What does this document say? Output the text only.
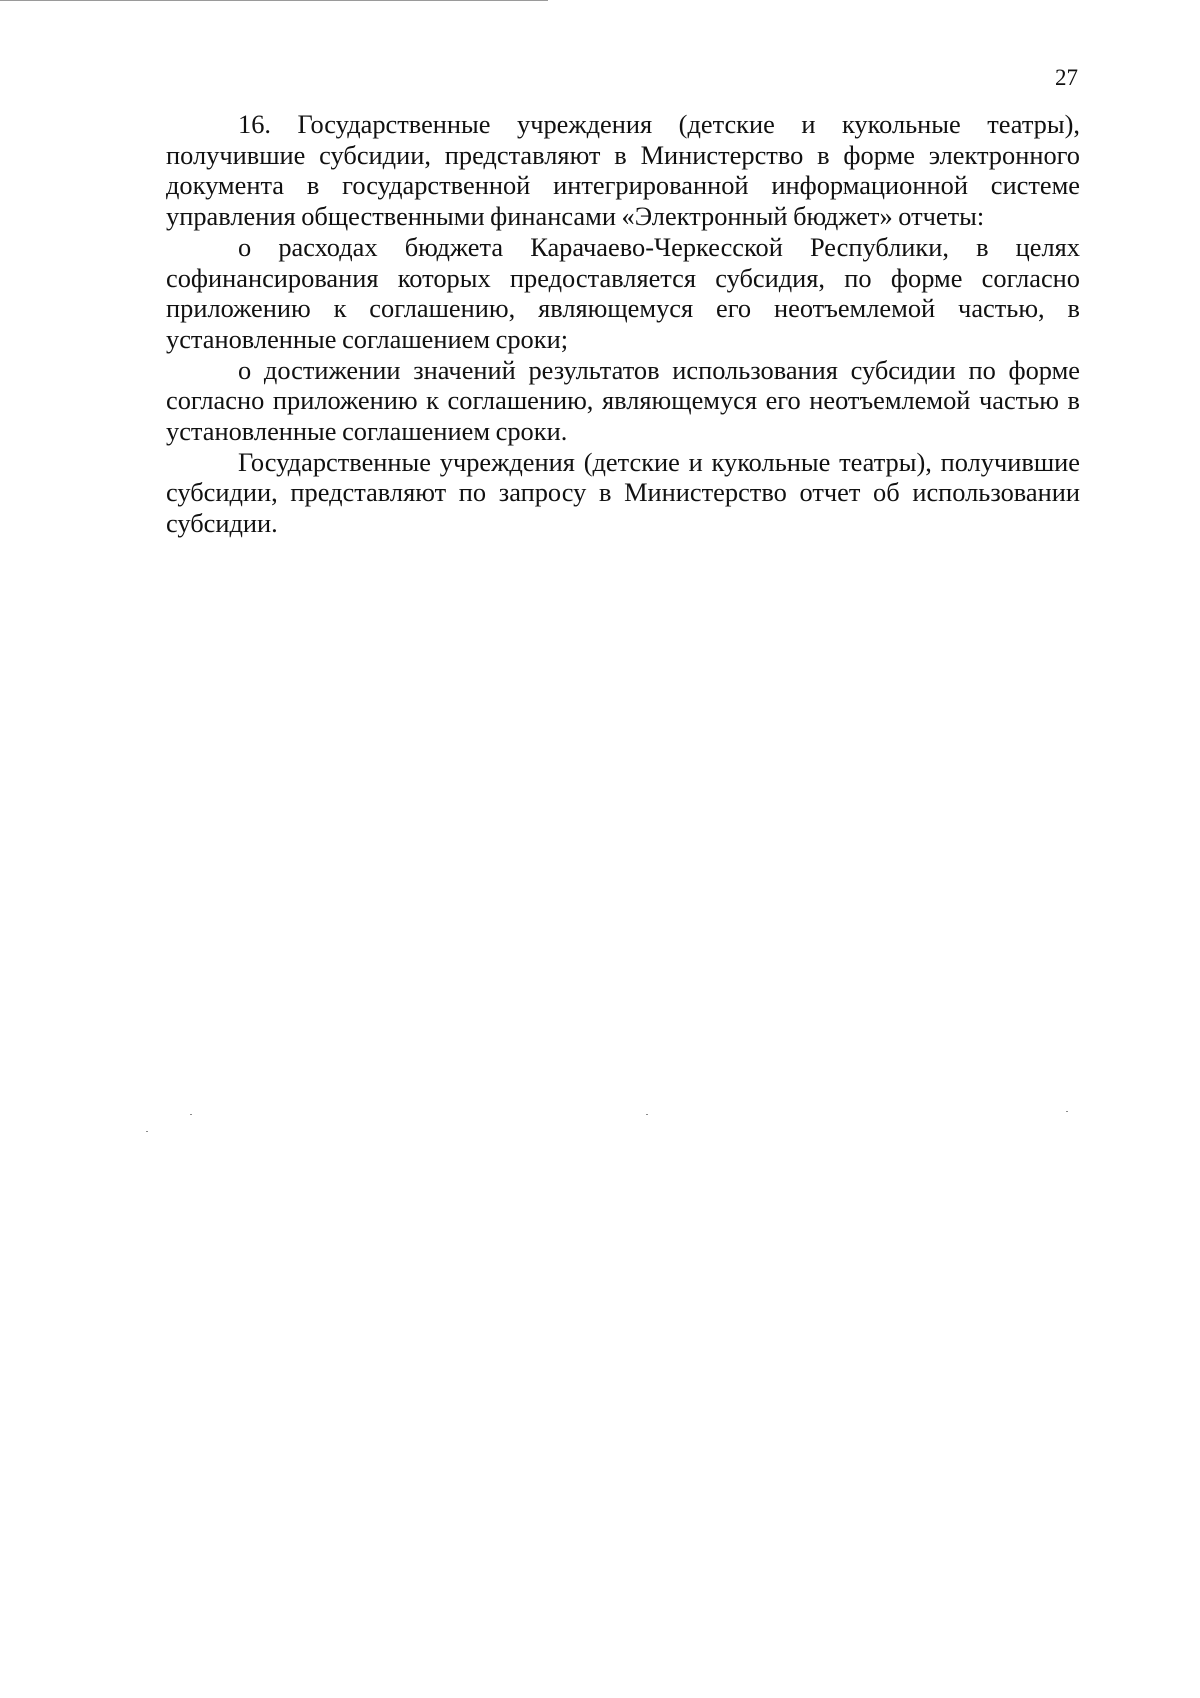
27

16. Государственные учреждения (детские и кукольные театры), получившие субсидии, представляют в Министерство в форме электронного документа в государственной интегрированной информационной системе управления общественными финансами «Электронный бюджет» отчеты:

о расходах бюджета Карачаево-Черкесской Республики, в целях софинансирования которых предоставляется субсидия, по форме согласно приложению к соглашению, являющемуся его неотъемлемой частью, в установленные соглашением сроки;

о достижении значений результатов использования субсидии по форме согласно приложению к соглашению, являющемуся его неотъемлемой частью в установленные соглашением сроки.

Государственные учреждения (детские и кукольные театры), получившие субсидии, представляют по запросу в Министерство отчет об использовании субсидии.
